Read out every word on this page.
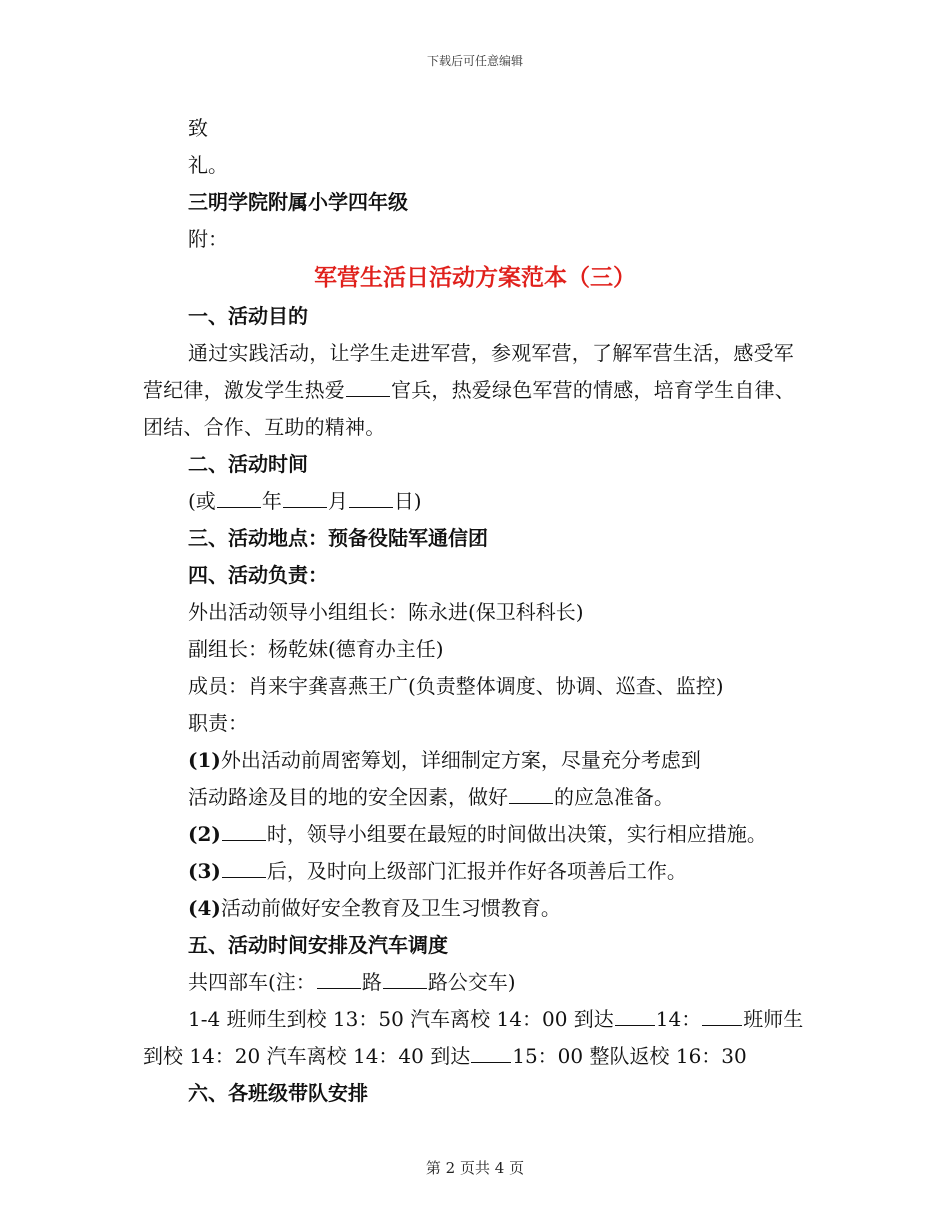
下载后可任意编辑
致
礼。
三明学院附属小学四年级
附：
军营生活日活动方案范本（三）
一、活动目的
通过实践活动，让学生走进军营，参观军营，了解军营生活，感受军营纪律，激发学生热爱 官兵，热爱绿色军营的情感，培育学生自律、团结、合作、互助的精神。
二、活动时间
(或 年 月 日)
三、活动地点：预备役陆军通信团
四、活动负责：
外出活动领导小组组长：陈永进(保卫科科长)
副组长：杨乾妹(德育办主任)
成员：肖来宇龚喜燕王广(负责整体调度、协调、巡查、监控)
职责：
(1)外出活动前周密筹划，详细制定方案，尽量充分考虑到
活动路途及目的地的安全因素，做好 的应急准备。
(2) 时，领导小组要在最短的时间做出决策，实行相应措施。
(3) 后，及时向上级部门汇报并作好各项善后工作。
(4)活动前做好安全教育及卫生习惯教育。
五、活动时间安排及汽车调度
共四部车(注： 路 路公交车)
1-4 班师生到校 13：50 汽车离校 14：00 到达 14： 班师生
到校 14：20 汽车离校 14：40 到达 15：00 整队返校 16：30
六、各班级带队安排
第 2 页共 4 页
